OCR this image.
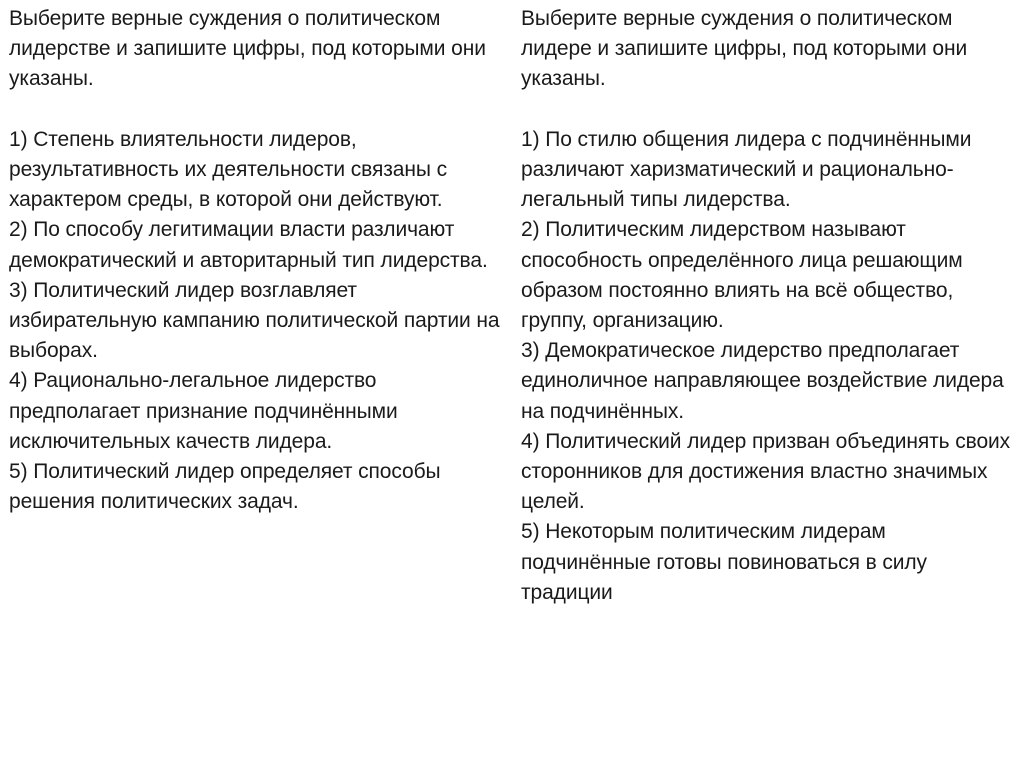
Выберите верные суждения о политическом лидерстве и запишите цифры, под которыми они указаны.

1) Степень влиятельности лидеров, результативность их деятельности связаны с характером среды, в которой они действуют.
2) По способу легитимации власти различают демократический и авторитарный тип лидерства.
3) Политический лидер возглавляет избирательную кампанию политической партии на выборах.
4) Рационально-легальное лидерство предполагает признание подчинёнными исключительных качеств лидера.
5) Политический лидер определяет способы решения политических задач.

Выберите верные суждения о политическом лидере и запишите цифры, под которыми они указаны.

1) По стилю общения лидера с подчинёнными различают харизматический и рационально-легальный типы лидерства.
2) Политическим лидерством называют способность определённого лица решающим образом постоянно влиять на всё общество, группу, организацию.
3) Демократическое лидерство предполагает единоличное направляющее воздействие лидера на подчинённых.
4) Политический лидер призван объединять своих сторонников для достижения властно значимых целей.
5) Некоторым политическим лидерам подчинённые готовы повиноваться в силу традиции
